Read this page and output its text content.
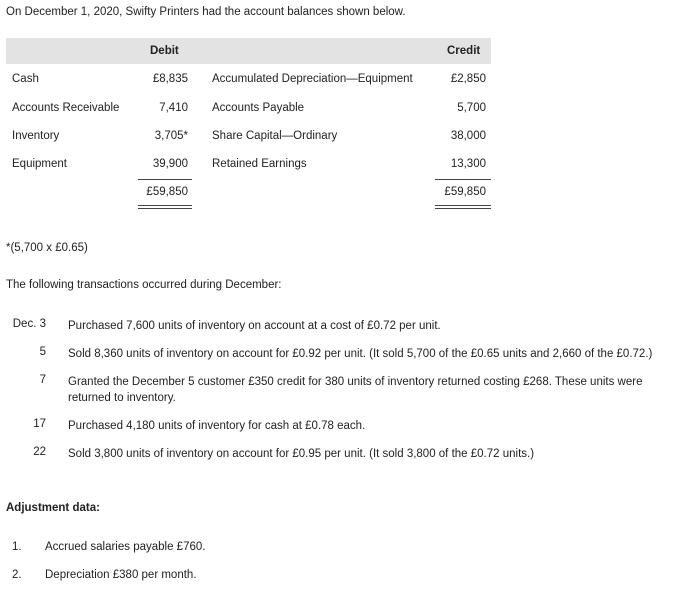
On December 1, 2020, Swifty Printers had the account balances shown below.
Debit	Credit
Cash	£8,835 Accumulated Depreciation—Equipment	£2,850
Accounts Receivable	7,410 Accounts Payable	5,700
Inventory	3,705* Share Capital—Ordinary	38,000
Equipment	39,900 Retained Earnings	13,300
£59,850	£59,850
*(5,700 x £0.65)
The following transactions occurred during December:
Dec. 3 Purchased 7,600 units of inventory on account at a cost of £0.72 per unit.
5 Sold 8,360 units of inventory on account for £0.92 per unit. (It sold 5,700 of the £0.65 units and 2,660 of the £0.72.)
7 Granted the December 5 customer £350 credit for 380 units of inventory returned costing £268. These units were returned to inventory.
17 Purchased 4,180 units of inventory for cash at £0.78 each.
22 Sold 3,800 units of inventory on account for £0.95 per unit. (It sold 3,800 of the £0.72 units.)
Adjustment data:
1. Accrued salaries payable £760.
2. Depreciation £380 per month.
